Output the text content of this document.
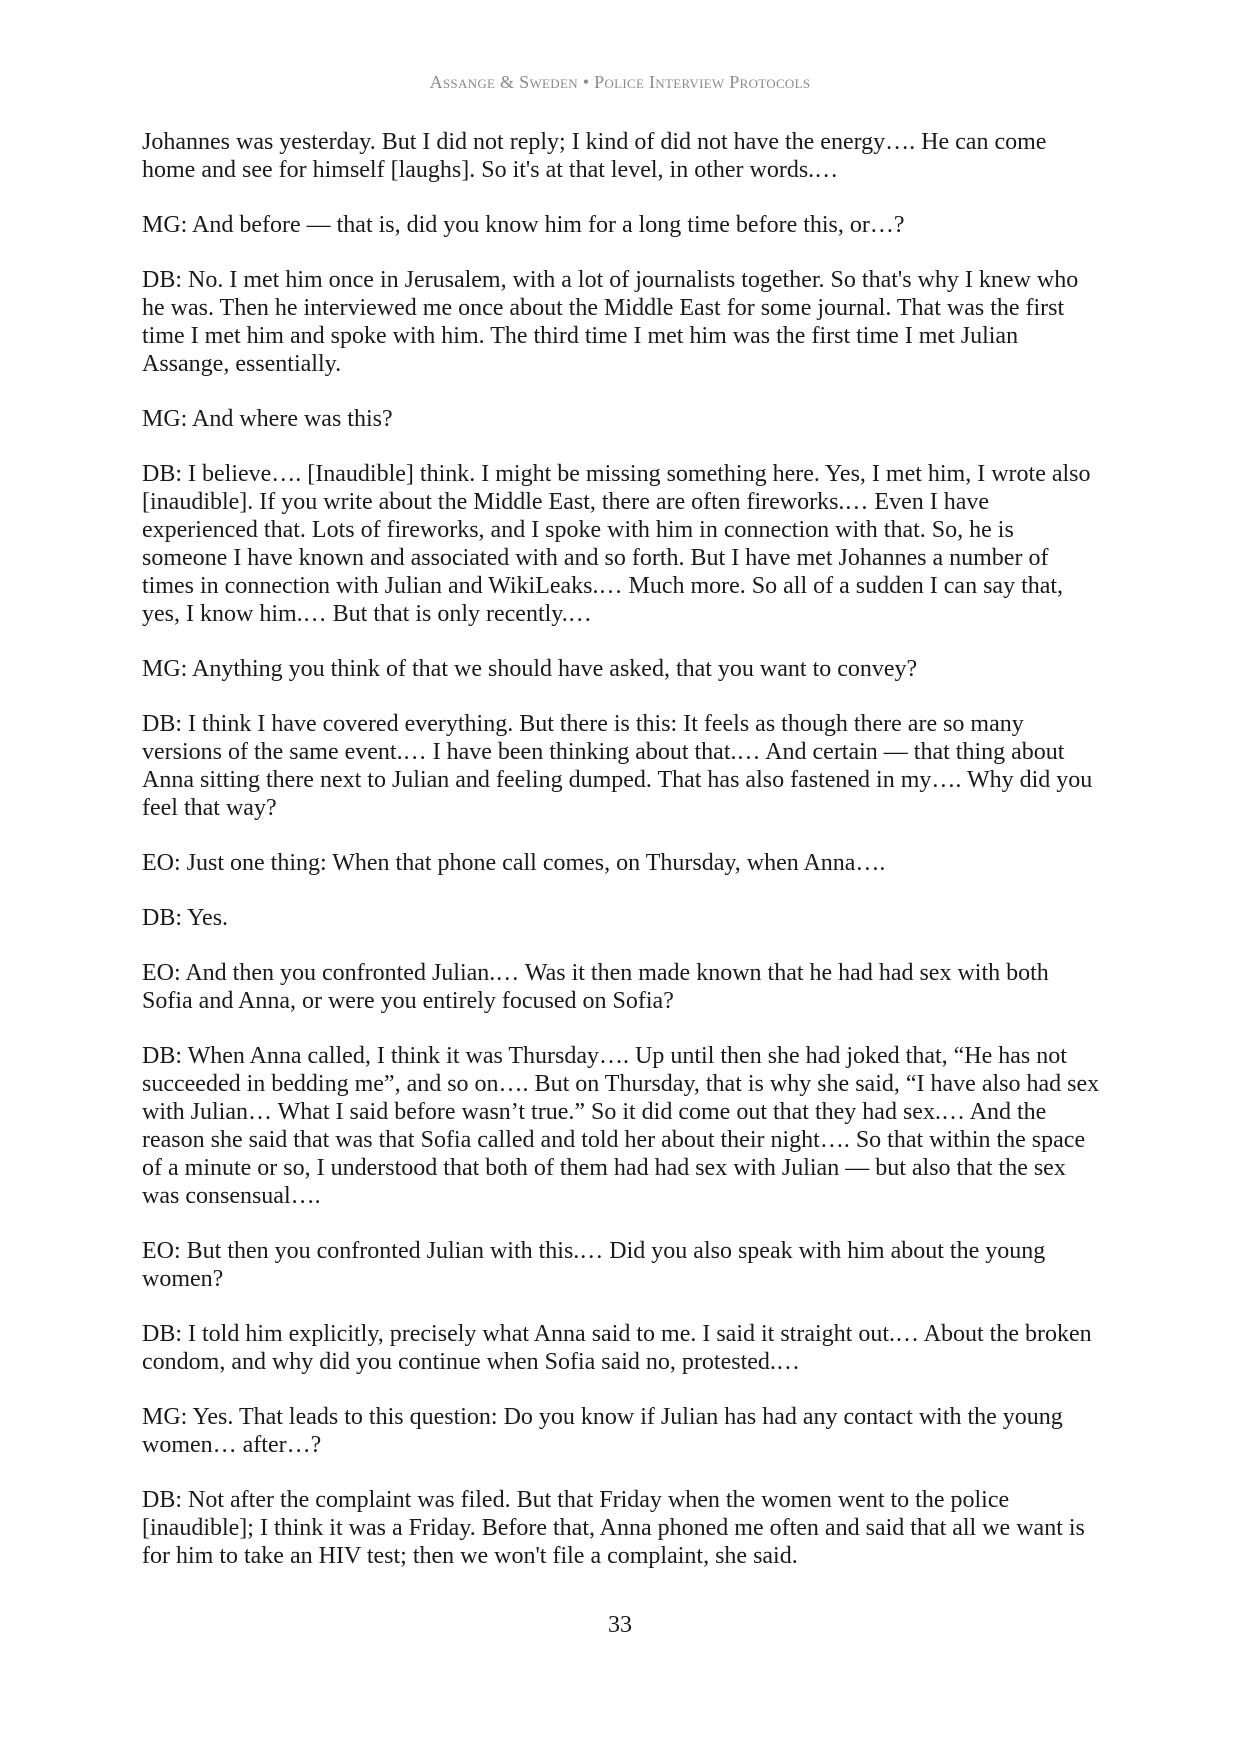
Assange & Sweden • Police Interview Protocols

Johannes was yesterday. But I did not reply; I kind of did not have the energy…. He can come home and see for himself [laughs]. So it's at that level, in other words.…

MG: And before — that is, did you know him for a long time before this, or…?

DB: No. I met him once in Jerusalem, with a lot of journalists together. So that's why I knew who he was. Then he interviewed me once about the Middle East for some journal. That was the first time I met him and spoke with him. The third time I met him was the first time I met Julian Assange, essentially.

MG: And where was this?

DB: I believe…. [Inaudible] think. I might be missing something here. Yes, I met him, I wrote also [inaudible]. If you write about the Middle East, there are often fireworks.… Even I have experienced that. Lots of fireworks, and I spoke with him in connection with that. So, he is someone I have known and associated with and so forth. But I have met Johannes a number of times in connection with Julian and WikiLeaks.… Much more. So all of a sudden I can say that, yes, I know him.… But that is only recently.…

MG: Anything you think of that we should have asked, that you want to convey?

DB: I think I have covered everything. But there is this: It feels as though there are so many versions of the same event.… I have been thinking about that.… And certain — that thing about Anna sitting there next to Julian and feeling dumped. That has also fastened in my…. Why did you feel that way?

EO: Just one thing: When that phone call comes, on Thursday, when Anna….

DB: Yes.

EO: And then you confronted Julian.… Was it then made known that he had had sex with both Sofia and Anna, or were you entirely focused on Sofia?

DB: When Anna called, I think it was Thursday…. Up until then she had joked that, “He has not succeeded in bedding me”, and so on…. But on Thursday, that is why she said, “I have also had sex with Julian… What I said before wasn’t true.” So it did come out that they had sex.… And the reason she said that was that Sofia called and told her about their night…. So that within the space of a minute or so, I understood that both of them had had sex with Julian — but also that the sex was consensual….

EO: But then you confronted Julian with this.… Did you also speak with him about the young women?

DB: I told him explicitly, precisely what Anna said to me. I said it straight out.… About the broken condom, and why did you continue when Sofia said no, protested.…

MG: Yes. That leads to this question: Do you know if Julian has had any contact with the young women… after…?

DB: Not after the complaint was filed. But that Friday when the women went to the police [inaudible]; I think it was a Friday. Before that, Anna phoned me often and said that all we want is for him to take an HIV test; then we won't file a complaint, she said.

33
